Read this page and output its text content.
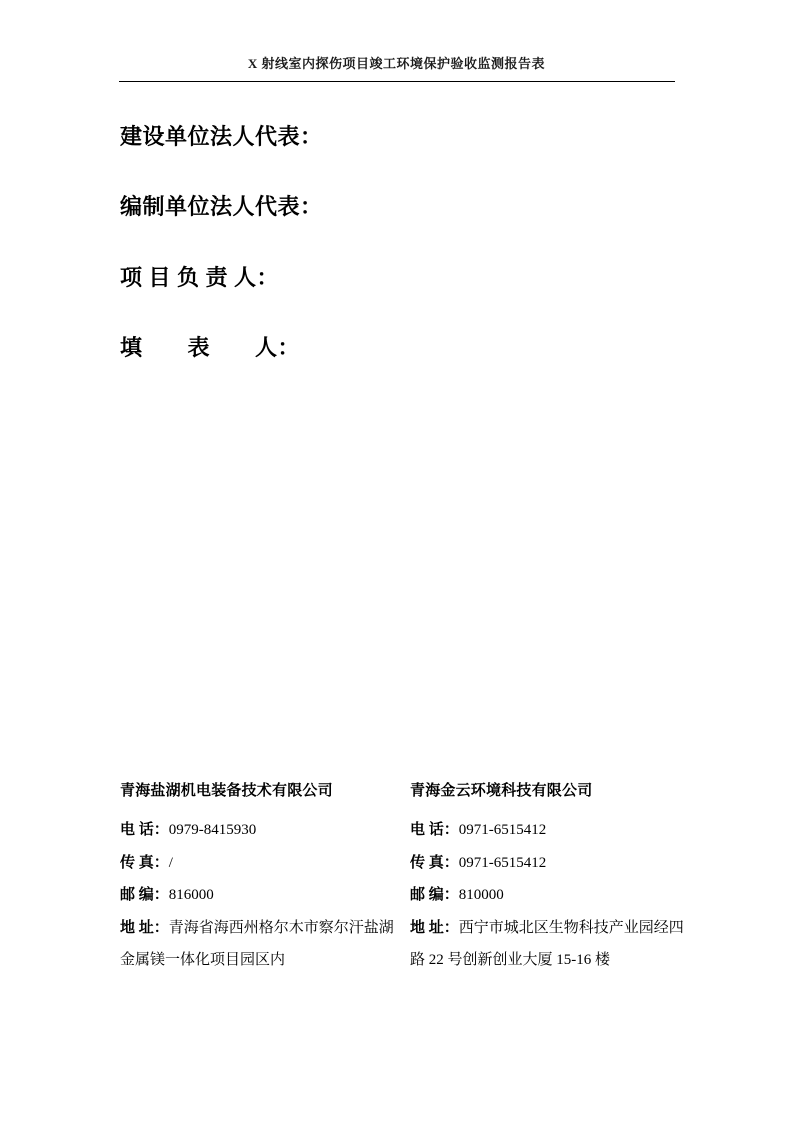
X 射线室内探伤项目竣工环境保护验收监测报告表
建设单位法人代表：
编制单位法人代表：
项 目 负 责 人：
填　　表　　人：

青海盐湖机电装备技术有限公司

电 话：0979-8415930

传 真：/

邮 编：816000

地 址：青海省海西州格尔木市察尔汗盐湖金属镁一体化项目园区内

青海金云环境科技有限公司

电 话：0971-6515412

传 真：0971-6515412

邮 编：810000

地 址：西宁市城北区生物科技产业园经四路 22 号创新创业大厦 15-16 楼
